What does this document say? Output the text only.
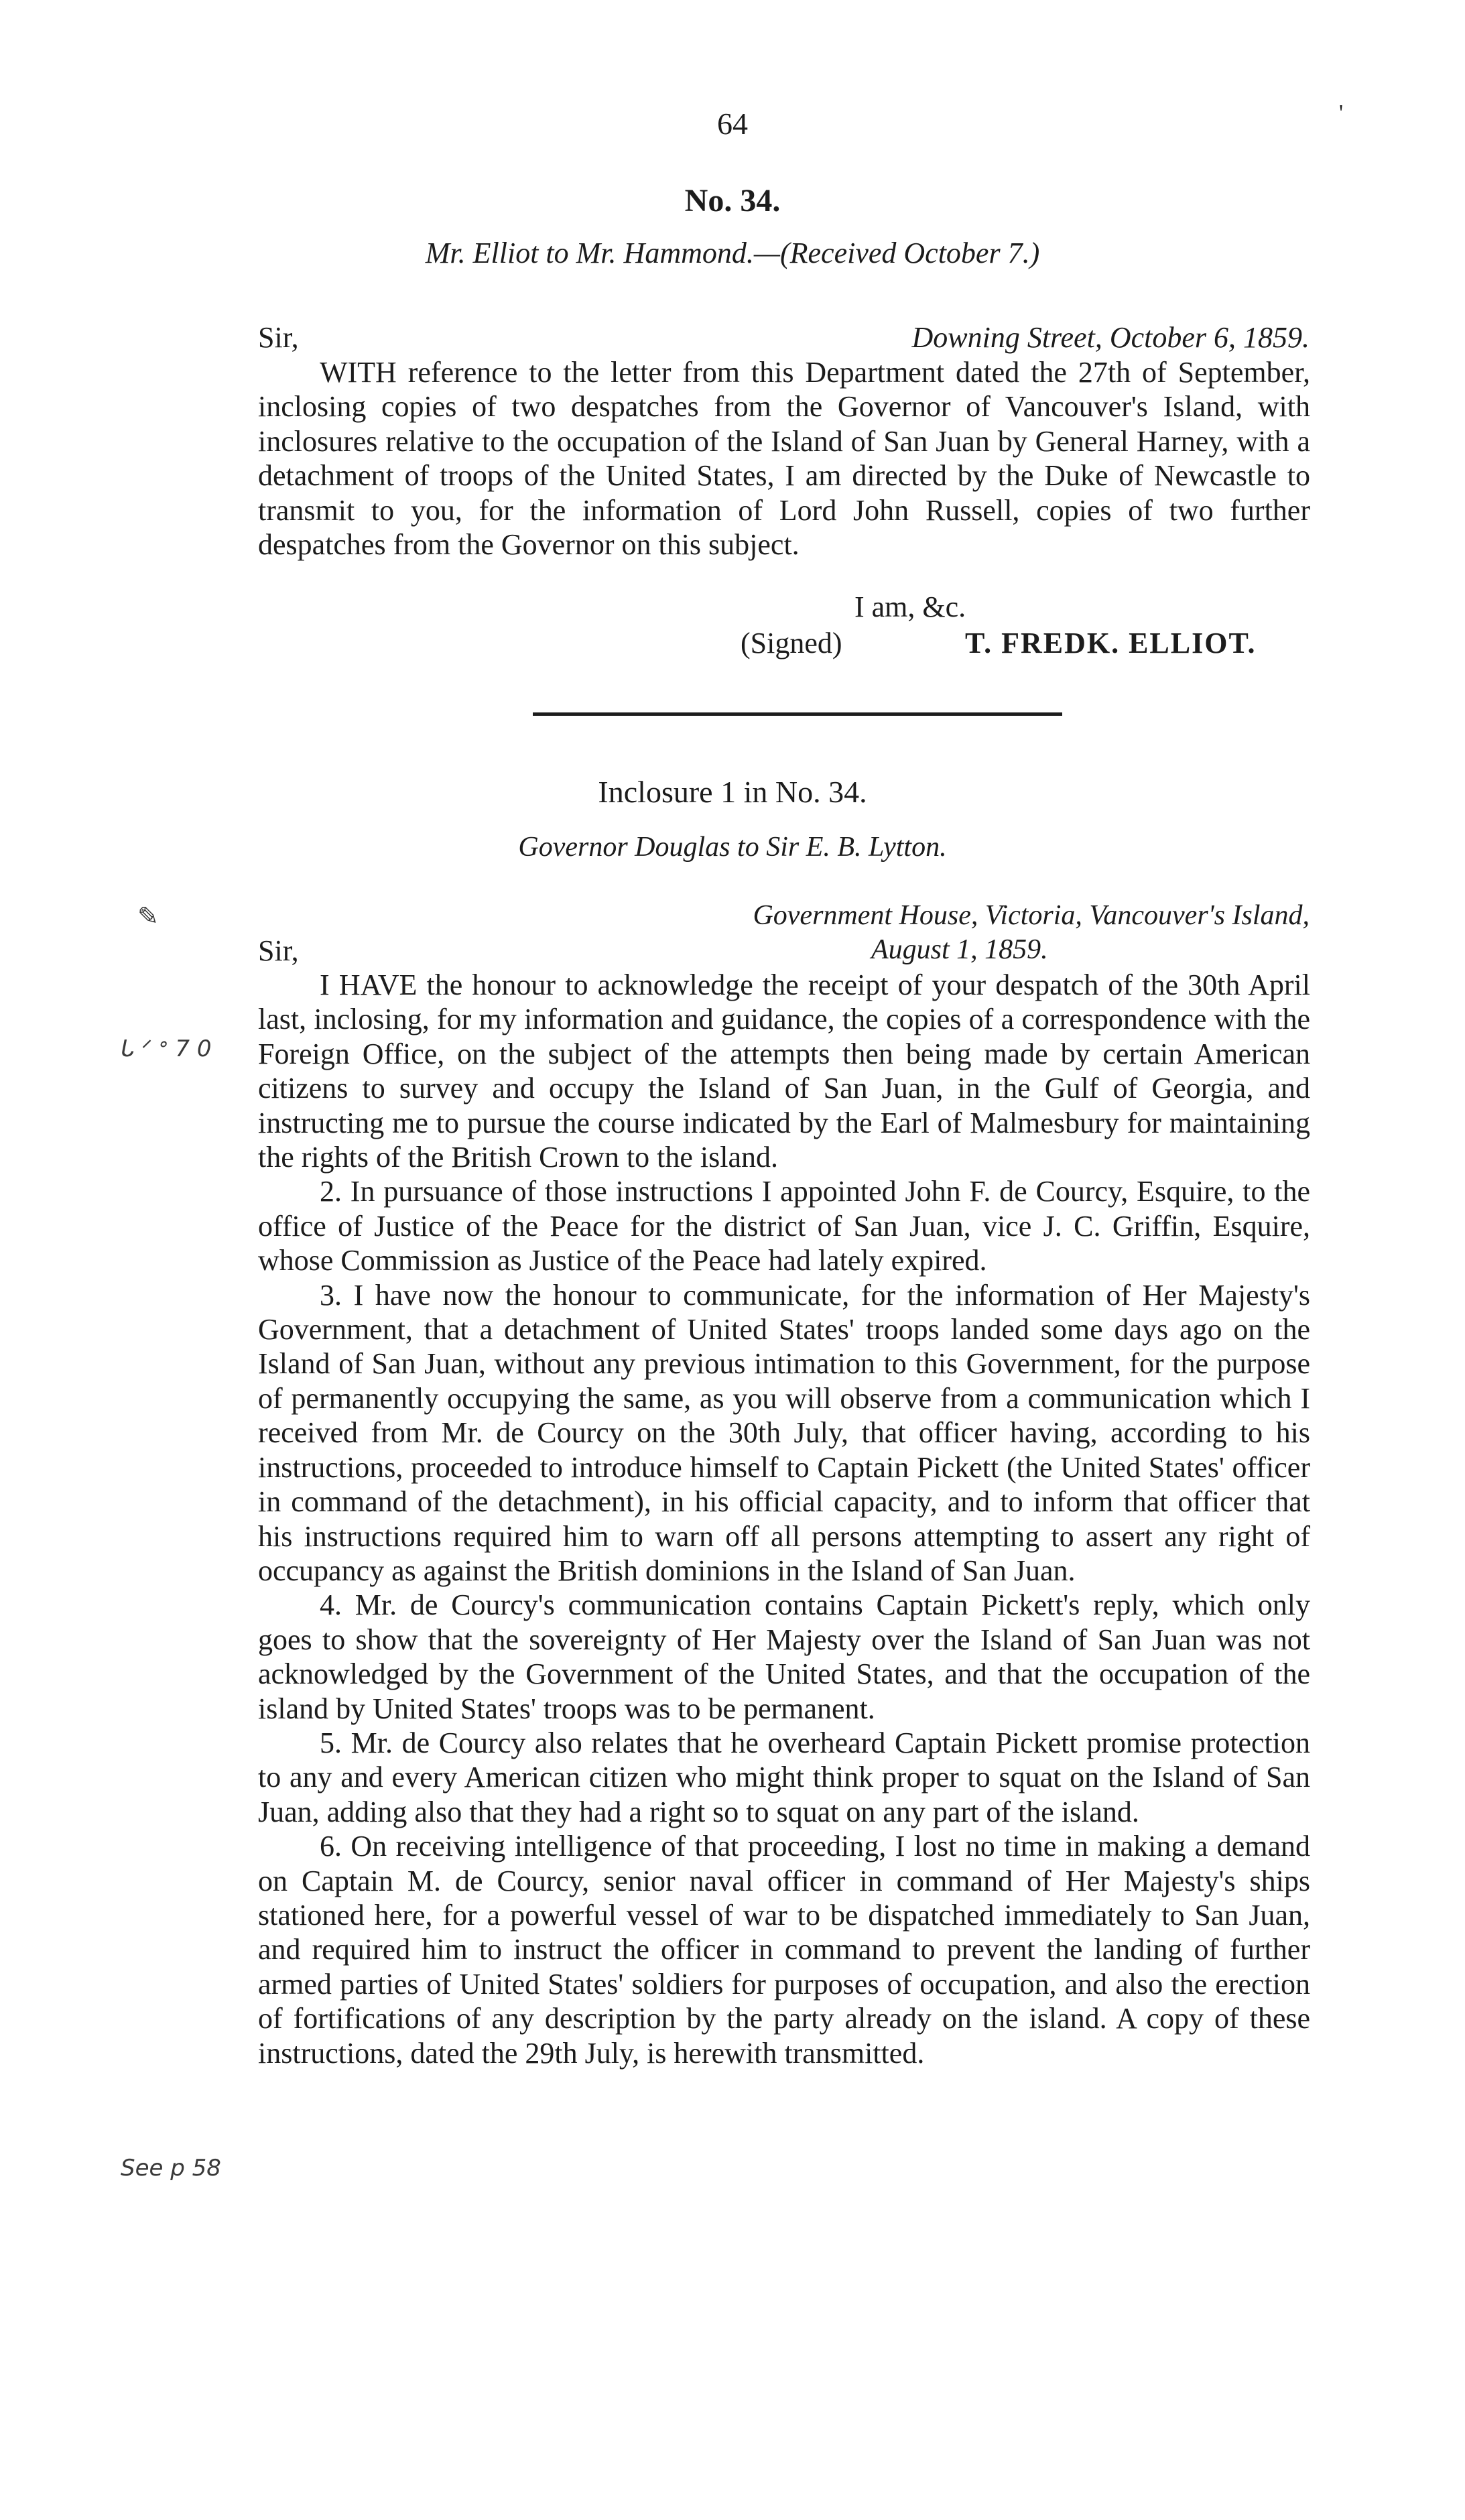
64	'
No. 34.
Mr. Elliot to Mr. Hammond.—(Received October 7.)
Sir,	Downing Street, October 6, 1859.

WITH reference to the letter from this Department dated the 27th of September, inclosing copies of two despatches from the Governor of Vancouver's Island, with inclosures relative to the occupation of the Island of San Juan by General Harney, with a detachment of troops of the United States, I am directed by the Duke of Newcastle to transmit to you, for the information of Lord John Russell, copies of two further despatches from the Governor on this subject.

I am, &c.
(Signed)	T. FREDK. ELLIOT.
Inclosure 1 in No. 34.
Governor Douglas to Sir E. B. Lytton.
Government House, Victoria, Vancouver's Island,
Sir,	August 1, 1859.

I HAVE the honour to acknowledge the receipt of your despatch of the 30th April last, inclosing, for my information and guidance, the copies of a correspondence with the Foreign Office, on the subject of the attempts then being made by certain American citizens to survey and occupy the Island of San Juan, in the Gulf of Georgia, and instructing me to pursue the course indicated by the Earl of Malmesbury for maintaining the rights of the British Crown to the island.

2. In pursuance of those instructions I appointed John F. de Courcy, Esquire, to the office of Justice of the Peace for the district of San Juan, vice J. C. Griffin, Esquire, whose Commission as Justice of the Peace had lately expired.

3. I have now the honour to communicate, for the information of Her Majesty's Government, that a detachment of United States' troops landed some days ago on the Island of San Juan, without any previous intimation to this Government, for the purpose of permanently occupying the same, as you will observe from a communication which I received from Mr. de Courcy on the 30th July, that officer having, according to his instructions, proceeded to introduce himself to Captain Pickett (the United States' officer in command of the detachment), in his official capacity, and to inform that officer that his instructions required him to warn off all persons attempting to assert any right of occupancy as against the British dominions in the Island of San Juan.

4. Mr. de Courcy's communication contains Captain Pickett's reply, which only goes to show that the sovereignty of Her Majesty over the Island of San Juan was not acknowledged by the Government of the United States, and that the occupation of the island by United States' troops was to be permanent.

5. Mr. de Courcy also relates that he overheard Captain Pickett promise protection to any and every American citizen who might think proper to squat on the Island of San Juan, adding also that they had a right so to squat on any part of the island.

6. On receiving intelligence of that proceeding, I lost no time in making a demand on Captain M. de Courcy, senior naval officer in command of Her Majesty's ships stationed here, for a powerful vessel of war to be dispatched immediately to San Juan, and required him to instruct the officer in command to prevent the landing of further armed parties of United States' soldiers for purposes of occupation, and also the erection of fortifications of any description by the party already on the island. A copy of these instructions, dated the 29th July, is herewith transmitted.

✎
ᒐ ᐟ ᐤ 7 0
See p 58
